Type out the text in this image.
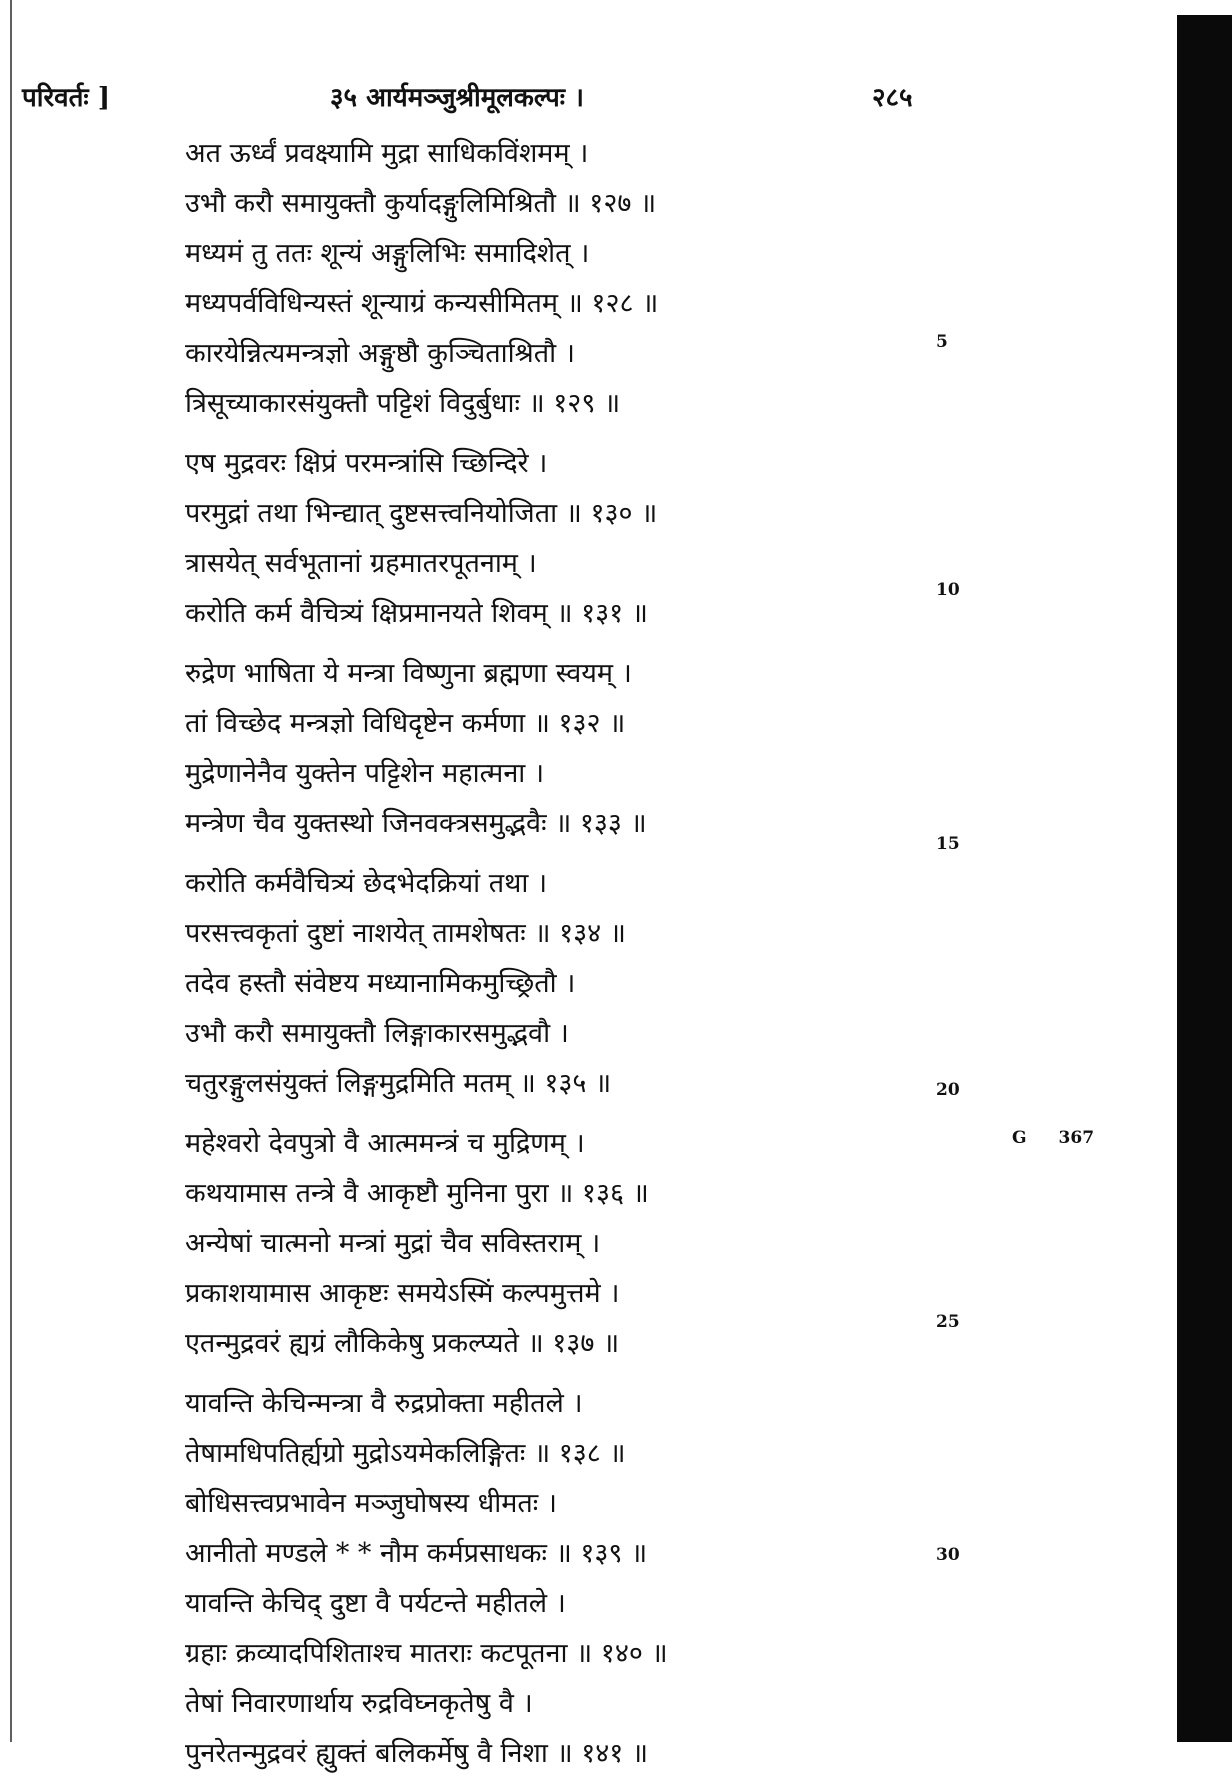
परिवर्तः ]	३५ आर्यमञ्जुश्रीमूलकल्पः ।	२८५
अत ऊर्ध्वं प्रवक्ष्यामि मुद्रा साधिकविंशमम् ।
उभौ करौ समायुक्तौ कुर्यादङ्गुलिमिश्रितौ ॥ १२७ ॥
मध्यमं तु ततः शून्यं अङ्गुलिभिः समादिशेत् ।
मध्यपर्वविधिन्यस्तं शून्याग्रं कन्यसीमितम् ॥ १२८ ॥
कारयेन्नित्यमन्त्रज्ञो अङ्गुष्ठौ कुञ्चिताश्रितौ ।
त्रिसूच्याकारसंयुक्तौ पट्टिशं विदुर्बुधाः ॥ १२९ ॥
एष मुद्रवरः क्षिप्रं परमन्त्रांसि च्छिन्दिरे ।
परमुद्रां तथा भिन्द्यात् दुष्टसत्त्वनियोजिता ॥ १३० ॥
त्रासयेत् सर्वभूतानां ग्रहमातरपूतनाम् ।
करोति कर्म वैचित्र्यं क्षिप्रमानयते शिवम् ॥ १३१ ॥
रुद्रेण भाषिता ये मन्त्रा विष्णुना ब्रह्मणा स्वयम् ।
तां विच्छेद मन्त्रज्ञो विधिदृष्टेन कर्मणा ॥ १३२ ॥
मुद्रेणानेनैव युक्तेन पट्टिशेन महात्मना ।
मन्त्रेण चैव युक्तस्थो जिनवक्त्रसमुद्भवैः ॥ १३३ ॥
करोति कर्मवैचित्र्यं छेदभेदक्रियां तथा ।
परसत्त्वकृतां दुष्टां नाशयेत् तामशेषतः ॥ १३४ ॥
तदेव हस्तौ संवेष्टय मध्यानामिकमुच्छ्रितौ ।
उभौ करौ समायुक्तौ लिङ्गाकारसमुद्भवौ ।
चतुरङ्गुलसंयुक्तं लिङ्गमुद्रमिति मतम् ॥ १३५ ॥
महेश्वरो देवपुत्रो वै आत्ममन्त्रं च मुद्रिणम् ।
कथयामास तन्त्रे वै आकृष्टौ मुनिना पुरा ॥ १३६ ॥
अन्येषां चात्मनो मन्त्रां मुद्रां चैव सविस्तराम् ।
प्रकाशयामास आकृष्टः समयेऽस्मिं कल्पमुत्तमे ।
एतन्मुद्रवरं ह्यग्रं लौकिकेषु प्रकल्प्यते ॥ १३७ ॥
यावन्ति केचिन्मन्त्रा वै रुद्रप्रोक्ता महीतले ।
तेषामधिपतिर्ह्यग्रो मुद्रोऽयमेकलिङ्गितः ॥ १३८ ॥
बोधिसत्त्वप्रभावेन मञ्जुघोषस्य धीमतः ।
आनीतो मण्डले * * नौम कर्मप्रसाधकः ॥ १३९ ॥
यावन्ति केचिद् दुष्टा वै पर्यटन्ते महीतले ।
ग्रहाः क्रव्यादपिशिताश्च मातराः कटपूतना ॥ १४० ॥
तेषां निवारणार्थाय रुद्रविघ्नकृतेषु वै ।
पुनरेतन्मुद्रवरं ह्युक्तं बलिकर्मेषु वै निशा ॥ १४१ ॥
5
10
15
20
25
30
G 367
